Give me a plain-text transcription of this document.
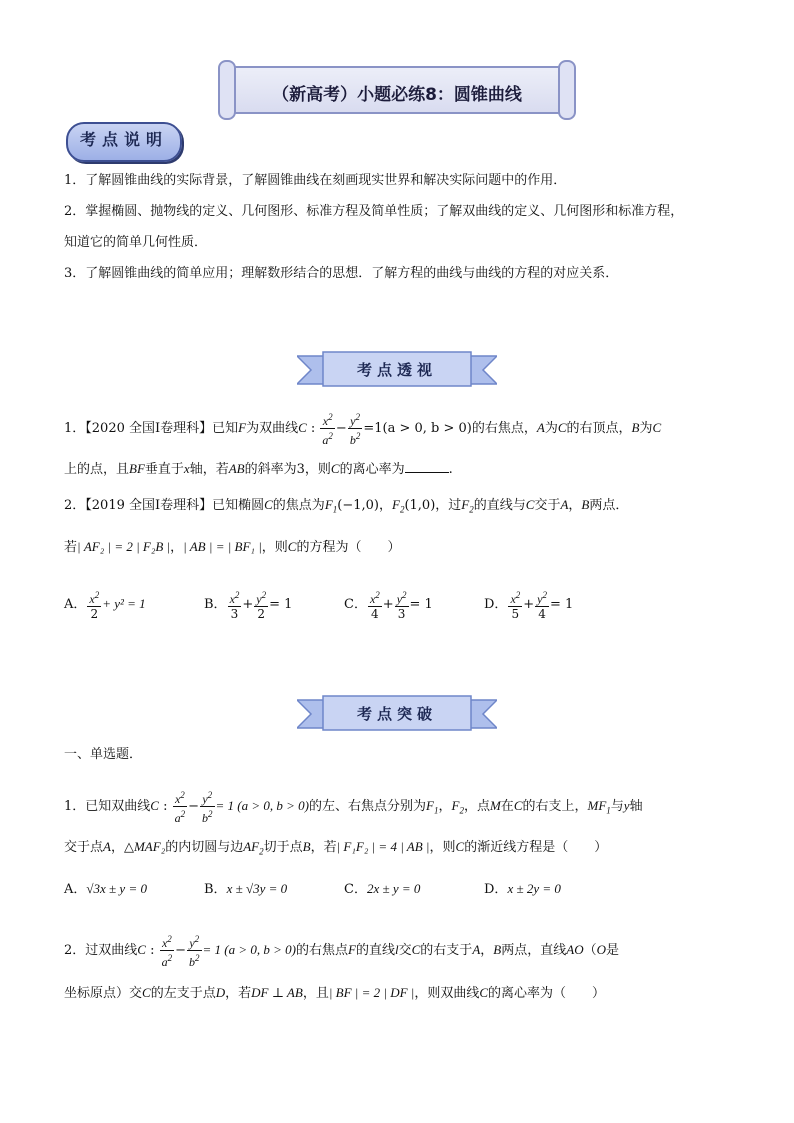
（新高考）小题必练8：圆锥曲线
考点说明
1．了解圆锥曲线的实际背景，了解圆锥曲线在刻画现实世界和解决实际问题中的作用．
2．掌握椭圆、抛物线的定义、几何图形、标准方程及简单性质；了解双曲线的定义、几何图形和标准方程，
知道它的简单几何性质．
3．了解圆锥曲线的简单应用；理解数形结合的思想．了解方程的曲线与曲线的方程的对应关系．
考点透视
1．【2020 全国Ⅰ卷理科】已知F为双曲线C : $\frac{x^2}{a^2} - \frac{y^2}{b^2} =1(a > 0$, b > 0)的右焦点，A为C的右顶点，B为C
上的点，且BF垂直于x轴，若AB的斜率为3，则C的离心率为	.
2．【2019 全国Ⅰ卷理科】已知椭圆C的焦点为$F_1(-1,0)$，$F_2(1,0)$，过$F_2$的直线与C交于A，B两点．
若| AF₂ | = 2 | F₂B |，| AB | = | BF₁ |，则C的方程为（　　）
A． $\frac{x^2}{2} + y^2 = 1$	B． $\frac{x^2}{3} + \frac{y^2}{2} = 1$	C． $\frac{x^2}{4} + \frac{y^2}{3} = 1$	D． $\frac{x^2}{5} + \frac{y^2}{4} = 1$
考点突破
一、单选题．
1．已知双曲线C : $\frac{x^2}{a^2} - \frac{y^2}{b^2} = 1$ (a > 0, b > 0)的左、右焦点分别为$F_1$，$F_2$，点M在C的右支上，$MF_1$与y轴
交于点A，△MAF₂的内切圆与边$AF_2$切于点B，若| F₁F₂ | = 4 | AB |，则C的渐近线方程是（　　）
A．√3x ± y = 0	B．x ± √3y = 0	C．2x ± y = 0	D．x ± 2y = 0
2．过双曲线C : $\frac{x^2}{a^2} - \frac{y^2}{b^2} = 1$ (a > 0, b > 0)的右焦点F的直线l交C的右支于A，B两点，直线AO（O是
坐标原点）交C的左支于点D，若DF ⊥ AB，且| BF | = 2 | DF |，则双曲线C的离心率为（　　）
